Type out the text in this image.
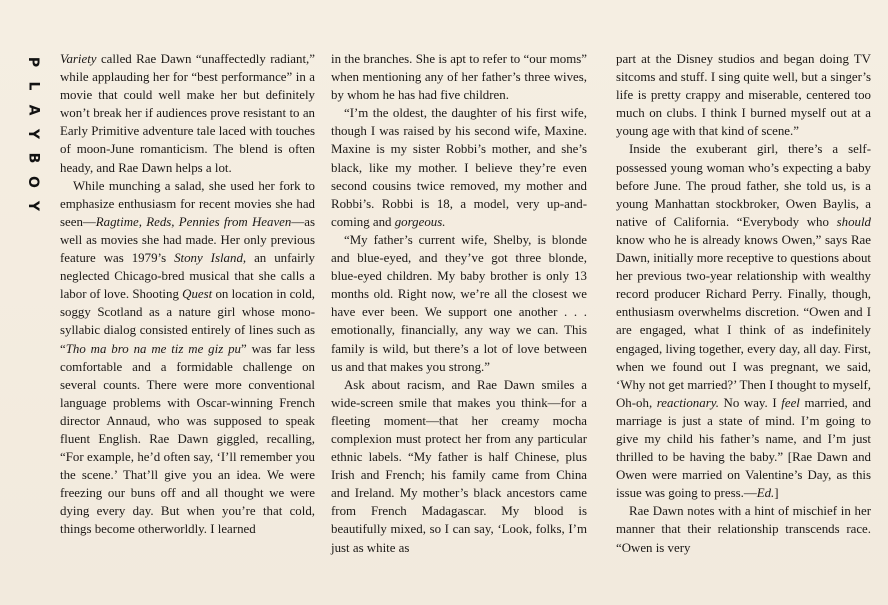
P
L
A
Y
B
O
Y

Variety called Rae Dawn “unaffectedly radiant,” while applauding her for “best performance” in a movie that could well make her but definitely won’t break her if audiences prove resistant to an Early Primitive adventure tale laced with touches of moon-June romanticism. The blend is often heady, and Rae Dawn helps a lot.

While munching a salad, she used her fork to emphasize enthusiasm for recent movies she had seen—Ragtime, Reds, Pennies from Heaven—as well as movies she had made. Her only previous feature was 1979’s Stony Island, an unfairly neglected Chicago-bred musical that she calls a labor of love. Shooting Quest on location in cold, soggy Scotland as a nature girl whose mono-syllabic dialog consisted entirely of lines such as “Tho ma bro na me tiz me giz pu” was far less comfortable and a formidable challenge on several counts. There were more conventional language problems with Oscar-winning French director Annaud, who was supposed to speak fluent English. Rae Dawn giggled, recalling, “For example, he’d often say, ‘I’ll remember you the scene.’ That’ll give you an idea. We were freezing our buns off and all thought we were dying every day. But when you’re that cold, things become otherworldly. I learned

in the branches. She is apt to refer to “our moms” when mentioning any of her father’s three wives, by whom he has had five children.

“I’m the oldest, the daughter of his first wife, though I was raised by his second wife, Maxine. Maxine is my sister Robbi’s mother, and she’s black, like my mother. I believe they’re even second cousins twice removed, my mother and Robbi’s. Robbi is 18, a model, very up-and-coming and gorgeous.

“My father’s current wife, Shelby, is blonde and blue-eyed, and they’ve got three blonde, blue-eyed children. My baby brother is only 13 months old. Right now, we’re all the closest we have ever been. We support one another . . . emotionally, financially, any way we can. This family is wild, but there’s a lot of love between us and that makes you strong.”

Ask about racism, and Rae Dawn smiles a wide-screen smile that makes you think—for a fleeting moment—that her creamy mocha complexion must protect her from any particular ethnic labels. “My father is half Chinese, plus Irish and French; his family came from China and Ireland. My mother’s black ancestors came from French Madagascar. My blood is beautifully mixed, so I can say, ‘Look, folks, I’m just as white as

part at the Disney studios and began doing TV sitcoms and stuff. I sing quite well, but a singer’s life is pretty crappy and miserable, centered too much on clubs. I think I burned myself out at a young age with that kind of scene.”

Inside the exuberant girl, there’s a self-possessed young woman who’s expecting a baby before June. The proud father, she told us, is a young Manhattan stockbroker, Owen Baylis, a native of California. “Everybody who should know who he is already knows Owen,” says Rae Dawn, initially more receptive to questions about her previous two-year relationship with wealthy record producer Richard Perry. Finally, though, enthusiasm overwhelms discretion. “Owen and I are engaged, what I think of as indefinitely engaged, living together, every day, all day. First, when we found out I was pregnant, we said, ‘Why not get married?’ Then I thought to myself, Oh-oh, reactionary. No way. I feel married, and marriage is just a state of mind. I’m going to give my child his father’s name, and I’m just thrilled to be having the baby.” [Rae Dawn and Owen were married on Valentine’s Day, as this issue was going to press.—Ed.]

Rae Dawn notes with a hint of mischief in her manner that their relationship transcends race. “Owen is very
